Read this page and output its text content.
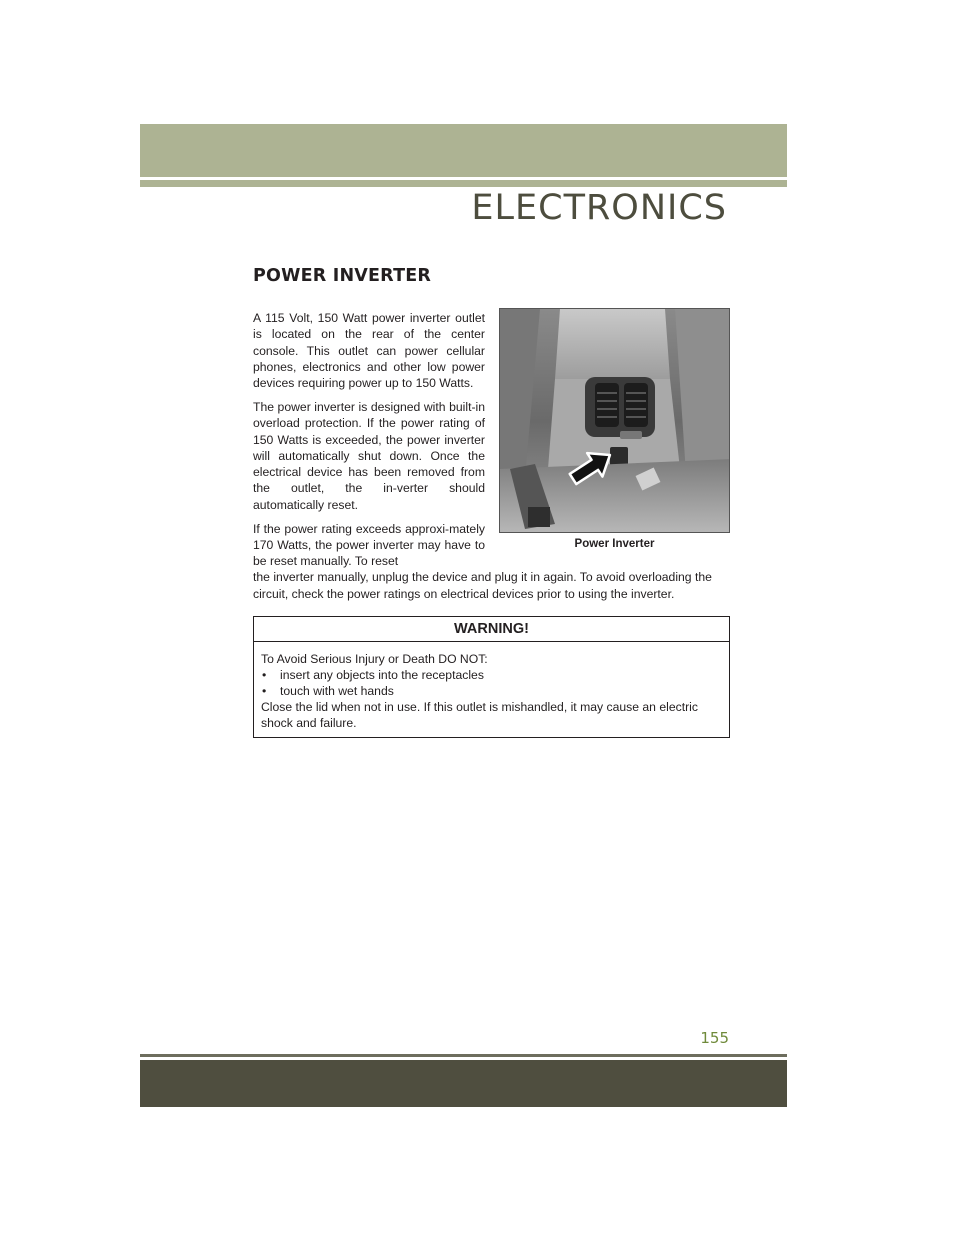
ELECTRONICS
POWER INVERTER

A 115 Volt, 150 Watt power inverter outlet is located on the rear of the center console. This outlet can power cellular phones, electronics and other low power devices requiring power up to 150 Watts.

The power inverter is designed with built-in overload protection. If the power rating of 150 Watts is exceeded, the power inverter will automatically shut down. Once the electrical device has been removed from the outlet, the in-verter should automatically reset.

If the power rating exceeds approxi-mately 170 Watts, the power inverter may have to be reset manually. To reset

the inverter manually, unplug the device and plug it in again. To avoid overloading the
circuit, check the power ratings on electrical devices prior to using the inverter.
Power Inverter
WARNING!
To Avoid Serious Injury or Death DO NOT:
• insert any objects into the receptacles
• touch with wet hands
Close the lid when not in use. If this outlet is mishandled, it may cause an electric shock and failure.
155
